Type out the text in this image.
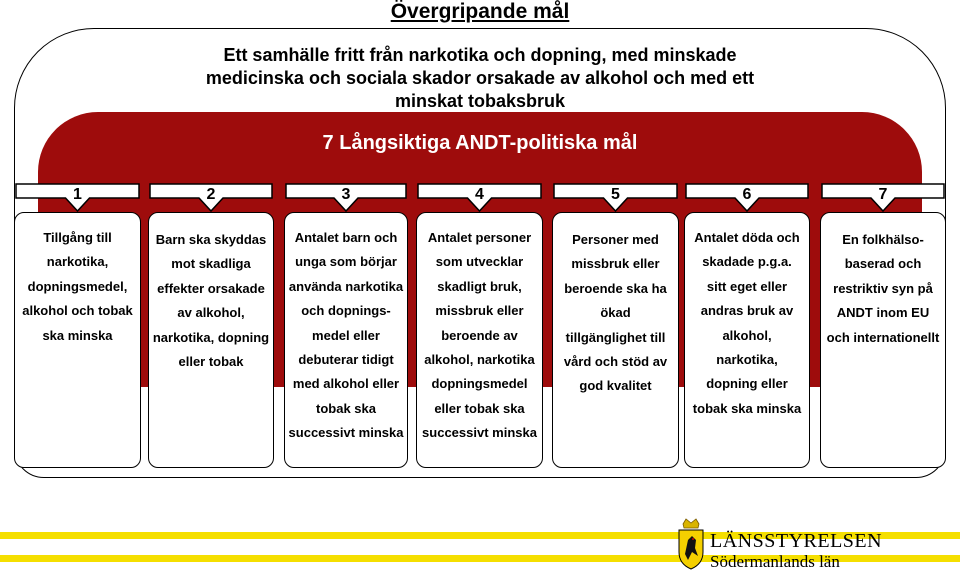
Övergripande mål
Ett samhälle fritt från narkotika och dopning, med minskade
medicinska och sociala skador orsakade av alkohol och med ett
minskat tobaksbruk
7 Långsiktiga ANDT-politiska mål
1
Tillgång till
narkotika,
dopningsmedel,
alkohol och tobak
ska minska
2
Barn ska skyddas
mot skadliga
effekter orsakade
av alkohol,
narkotika, dopning
eller tobak
3
Antalet barn och
unga som börjar
använda narkotika
och dopnings-
medel eller
debuterar tidigt
med alkohol eller
tobak ska
successivt minska
4
Antalet personer
som utvecklar
skadligt bruk,
missbruk eller
beroende av
alkohol, narkotika
dopningsmedel
eller tobak ska
successivt minska
5
Personer med
missbruk eller
beroende ska ha
ökad
tillgänglighet till
vård och stöd av
god kvalitet
6
Antalet döda och
skadade p.g.a.
sitt eget eller
andras bruk av
alkohol,
narkotika,
dopning eller
tobak ska minska
7
En folkhälso-
baserad och
restriktiv syn på
ANDT inom EU
och internationellt
LÄNSSTYRELSEN
Södermanlands län
